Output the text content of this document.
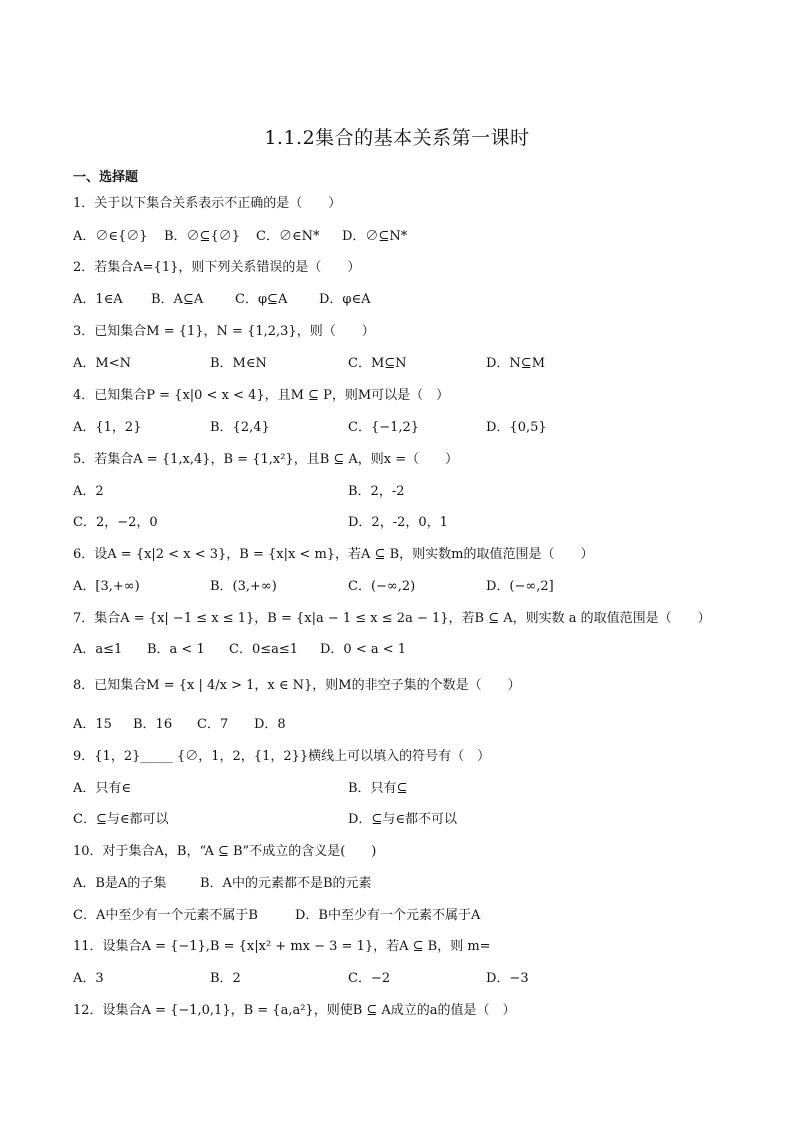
1.1.2集合的基本关系第一课时
一、选择题
1．关于以下集合关系表示不正确的是（　　）
A．∅∈{∅} B．∅⊆{∅} C．∅∈N* D．∅⊆N*
2．若集合A={1}，则下列关系错误的是（　　）
A．1∈A B．A⊆A C．φ⊆A D．φ∈A
3．已知集合M = {1}，N = {1,2,3}，则（　　）
A．M<N	B．M∈N	C．M⊆N	D．N⊆M
4．已知集合P = {x|0 < x < 4}，且M ⊆ P，则M可以是（　）
A．{1，2}	B．{2,4}	C．{−1,2}	D．{0,5}
5．若集合A = {1,x,4}，B = {1,x²}，且B ⊆ A，则x =（　　）
A．2	B．2，-2
C．2，−2，0	D．2，-2，0，1
6．设A = {x|2 < x < 3}，B = {x|x < m}，若A ⊆ B，则实数m的取值范围是（　　）
A．[3,+∞)	B．(3,+∞)	C．(−∞,2)	D．(−∞,2]
7．集合A = {x| −1 ≤ x ≤ 1}，B = {x|a − 1 ≤ x ≤ 2a − 1}，若B ⊆ A，则实数 a 的取值范围是（　　）
A．a≤1 B．a < 1 C．0≤a≤1 D．0 < a < 1
8．已知集合M = {x | 4/x > 1，x ∈ N}，则M的非空子集的个数是（　　）
A．15 B．16 C．7 D．8
9．{1，2}_____ {∅，1，2，{1，2}}横线上可以填入的符号有（　）
A．只有∈	B．只有⊆
C．⊆与∈都可以	D．⊆与∈都不可以
10．对于集合A，B，“A ⊆ B”不成立的含义是(　　)
A．B是A的子集	B．A中的元素都不是B的元素
C．A中至少有一个元素不属于B	D．B中至少有一个元素不属于A
11．设集合A = {−1},B = {x|x² + mx − 3 = 1}，若A ⊆ B，则 m=
A．3	B．2	C．−2	D．−3
12．设集合A = {−1,0,1}，B = {a,a²}，则使B ⊆ A成立的a的值是（　）
